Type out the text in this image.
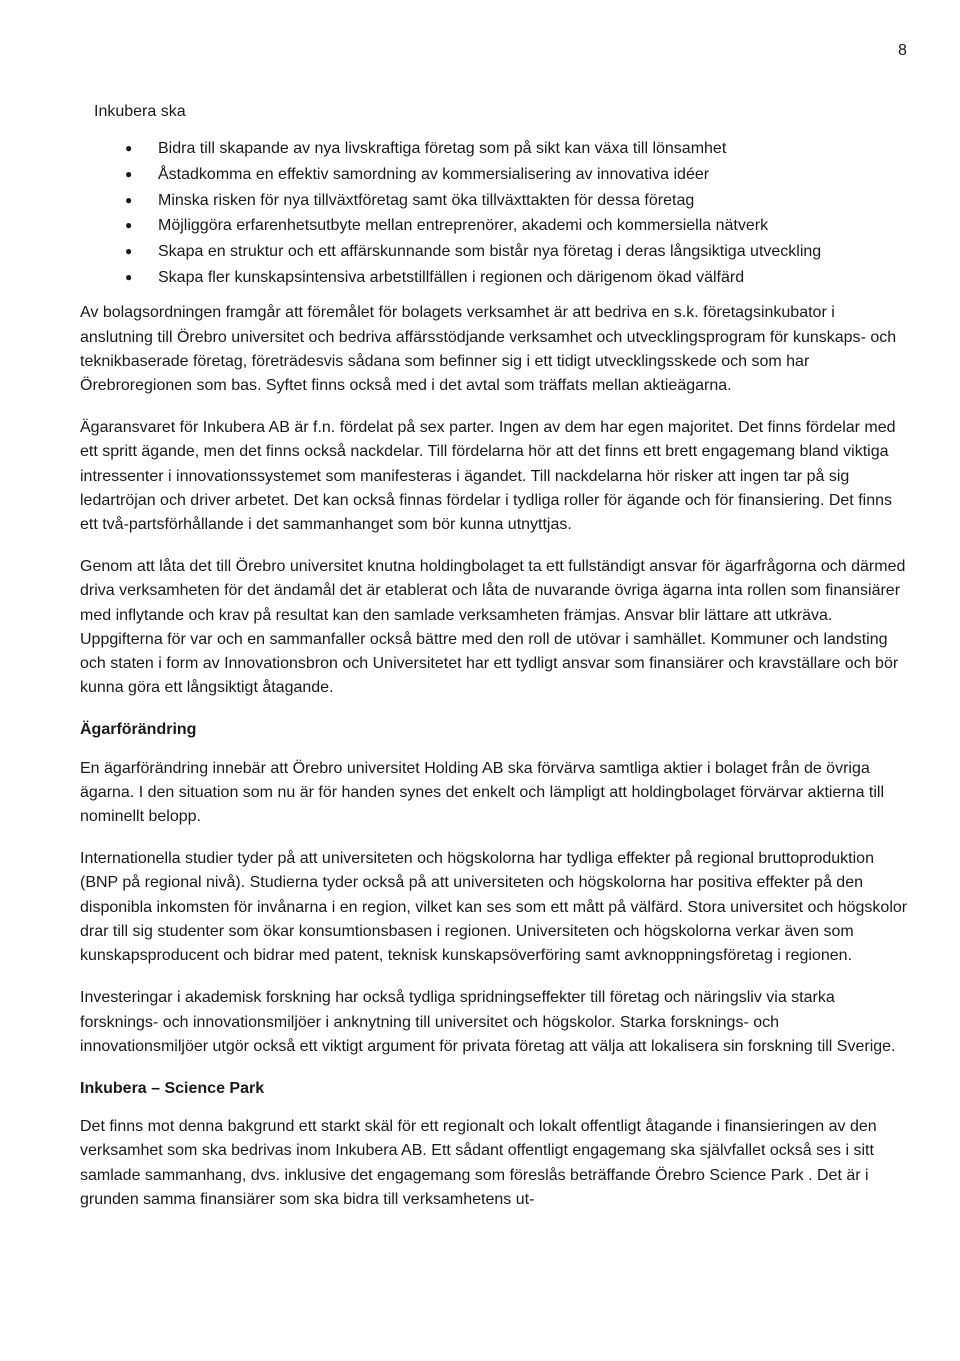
8
Inkubera ska
● Bidra till skapande av nya livskraftiga företag som på sikt kan växa till lönsamhet
● Åstadkomma en effektiv samordning av kommersialisering av innovativa idéer
● Minska risken för nya tillväxtföretag samt öka tillväxttakten för dessa företag
● Möjliggöra erfarenhetsutbyte mellan entreprenörer, akademi och kommersiella nätverk
● Skapa en struktur och ett affärskunnande som bistår nya företag i deras långsiktiga utveckling
● Skapa fler kunskapsintensiva arbetstillfällen i regionen och därigenom ökad välfärd

Av bolagsordningen framgår att föremålet för bolagets verksamhet är att bedriva en s.k. företagsinkubator i anslutning till Örebro universitet och bedriva affärsstödjande verksamhet och utvecklingsprogram för kunskaps- och teknikbaserade företag, företrädesvis sådana som befinner sig i ett tidigt utvecklingsskede och som har Örebroregionen som bas. Syftet finns också med i det avtal som träffats mellan aktieägarna.

Ägaransvaret för Inkubera AB är f.n. fördelat på sex parter. Ingen av dem har egen majoritet. Det finns fördelar med ett spritt ägande, men det finns också nackdelar. Till fördelarna hör att det finns ett brett engagemang bland viktiga intressenter i innovationssystemet som manifesteras i ägandet. Till nackdelarna hör risker att ingen tar på sig ledartröjan och driver arbetet. Det kan också finnas fördelar i tydliga roller för ägande och för finansiering. Det finns ett två-partsförhållande i det sammanhanget som bör kunna utnyttjas.

Genom att låta det till Örebro universitet knutna holdingbolaget ta ett fullständigt ansvar för ägarfrågorna och därmed driva verksamheten för det ändamål det är etablerat och låta de nuvarande övriga ägarna inta rollen som finansiärer med inflytande och krav på resultat kan den samlade verksamheten främjas. Ansvar blir lättare att utkräva. Uppgifterna för var och en sammanfaller också bättre med den roll de utövar i samhället. Kommuner och landsting och staten i form av Innovationsbron och Universitetet har ett tydligt ansvar som finansiärer och kravställare och bör kunna göra ett långsiktigt åtagande.

Ägarförändring

En ägarförändring innebär att Örebro universitet Holding AB ska förvärva samtliga aktier i bolaget från de övriga ägarna. I den situation som nu är för handen synes det enkelt och lämpligt att holdingbolaget förvärvar aktierna till nominellt belopp.

Internationella studier tyder på att universiteten och högskolorna har tydliga effekter på regional bruttoproduktion (BNP på regional nivå). Studierna tyder också på att universiteten och högskolorna har positiva effekter på den disponibla inkomsten för invånarna i en region, vilket kan ses som ett mått på välfärd. Stora universitet och högskolor drar till sig studenter som ökar konsumtionsbasen i regionen. Universiteten och högskolorna verkar även som kunskapsproducent och bidrar med patent, teknisk kunskapsöverföring samt avknoppningsföretag i regionen.

Investeringar i akademisk forskning har också tydliga spridningseffekter till företag och näringsliv via starka forsknings- och innovationsmiljöer i anknytning till universitet och högskolor. Starka forsknings- och innovationsmiljöer utgör också ett viktigt argument för privata företag att välja att lokalisera sin forskning till Sverige.

Inkubera – Science Park

Det finns mot denna bakgrund ett starkt skäl för ett regionalt och lokalt offentligt åtagande i finansieringen av den verksamhet som ska bedrivas inom Inkubera AB. Ett sådant offentligt engagemang ska självfallet också ses i sitt samlade sammanhang, dvs. inklusive det engagemang som föreslås beträffande Örebro Science Park . Det är i grunden samma finansiärer som ska bidra till verksamhetens ut-
